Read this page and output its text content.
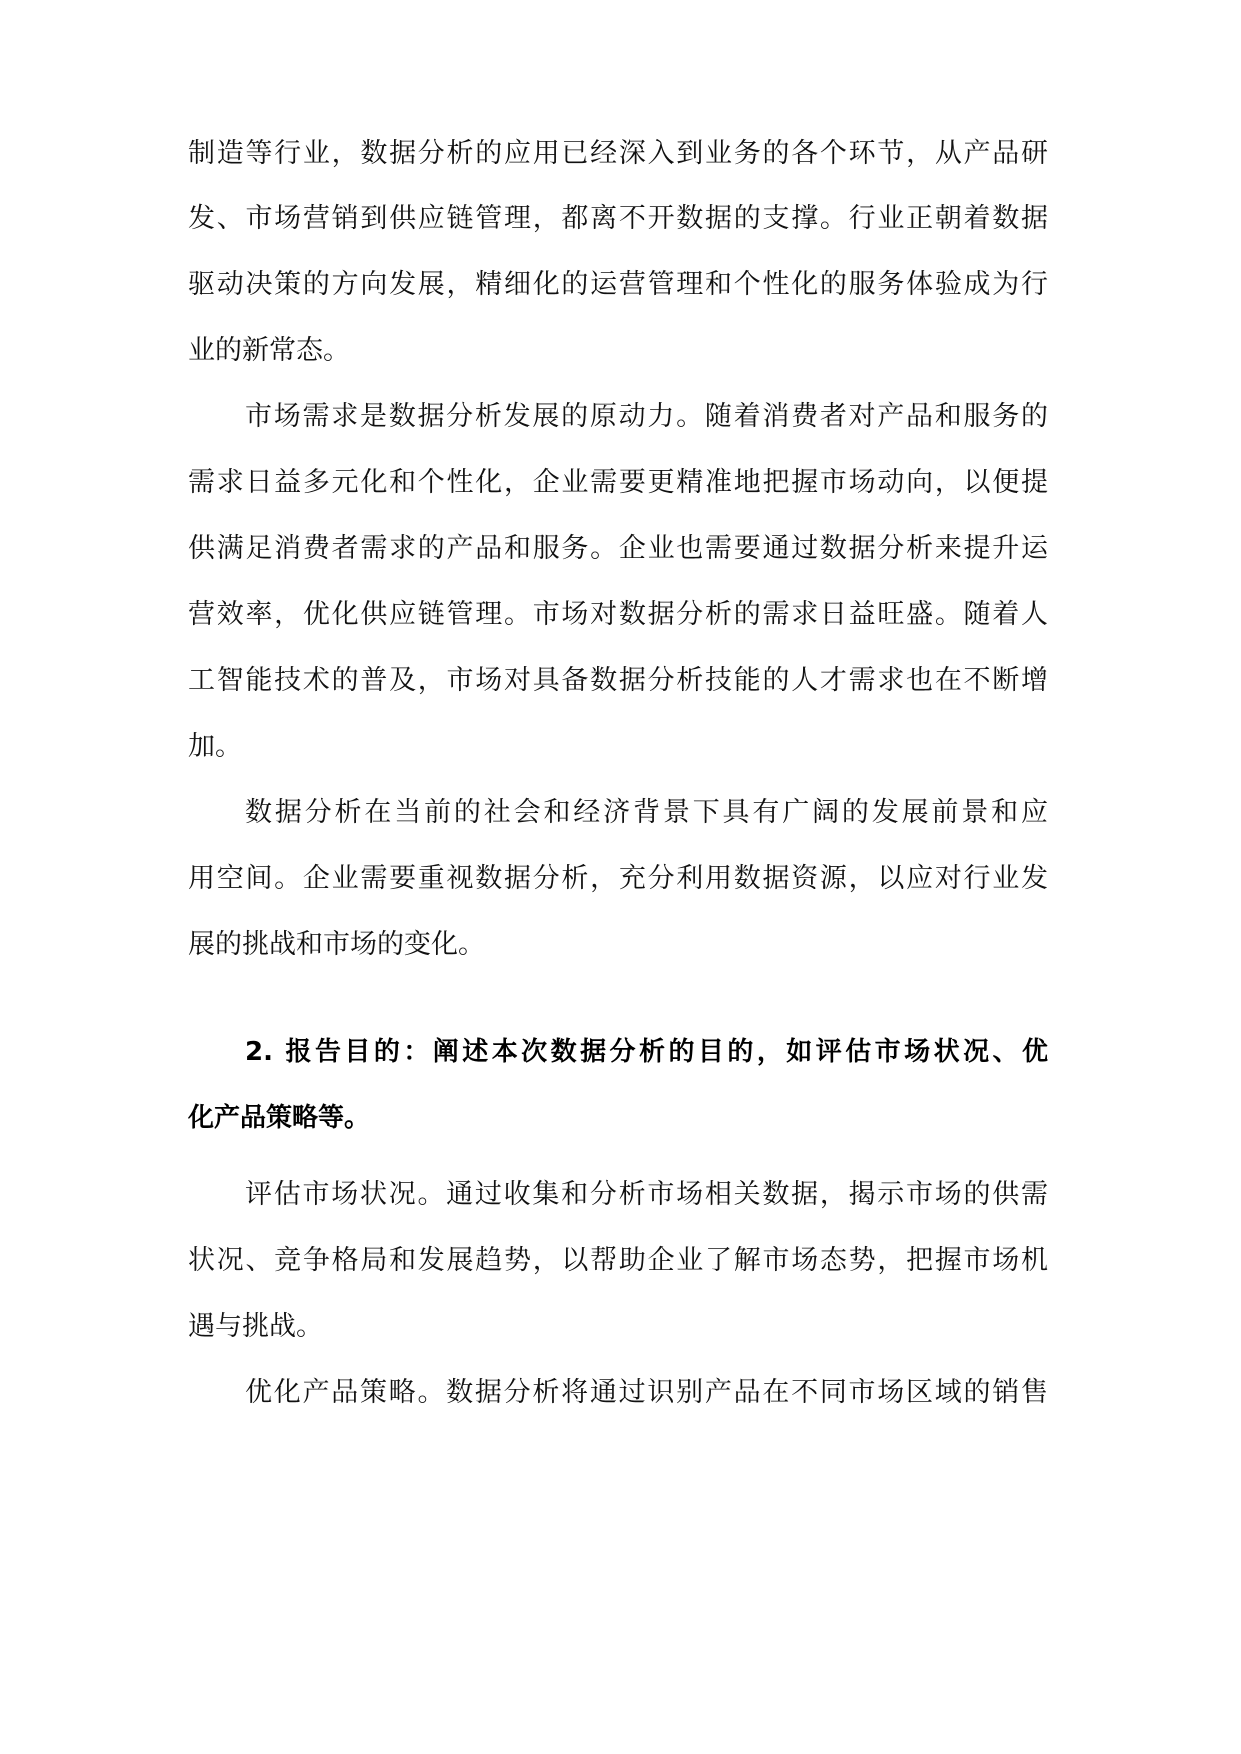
制造等行业，数据分析的应用已经深入到业务的各个环节，从产品研

发、市场营销到供应链管理，都离不开数据的支撑。行业正朝着数据

驱动决策的方向发展，精细化的运营管理和个性化的服务体验成为行

业的新常态。

市场需求是数据分析发展的原动力。随着消费者对产品和服务的

需求日益多元化和个性化，企业需要更精准地把握市场动向，以便提

供满足消费者需求的产品和服务。企业也需要通过数据分析来提升运

营效率，优化供应链管理。市场对数据分析的需求日益旺盛。随着人

工智能技术的普及，市场对具备数据分析技能的人才需求也在不断增

加。

数据分析在当前的社会和经济背景下具有广阔的发展前景和应

用空间。企业需要重视数据分析，充分利用数据资源，以应对行业发

展的挑战和市场的变化。

2. 报告目的：阐述本次数据分析的目的，如评估市场状况、优

化产品策略等。

评估市场状况。通过收集和分析市场相关数据，揭示市场的供需

状况、竞争格局和发展趋势，以帮助企业了解市场态势，把握市场机

遇与挑战。

优化产品策略。数据分析将通过识别产品在不同市场区域的销售
